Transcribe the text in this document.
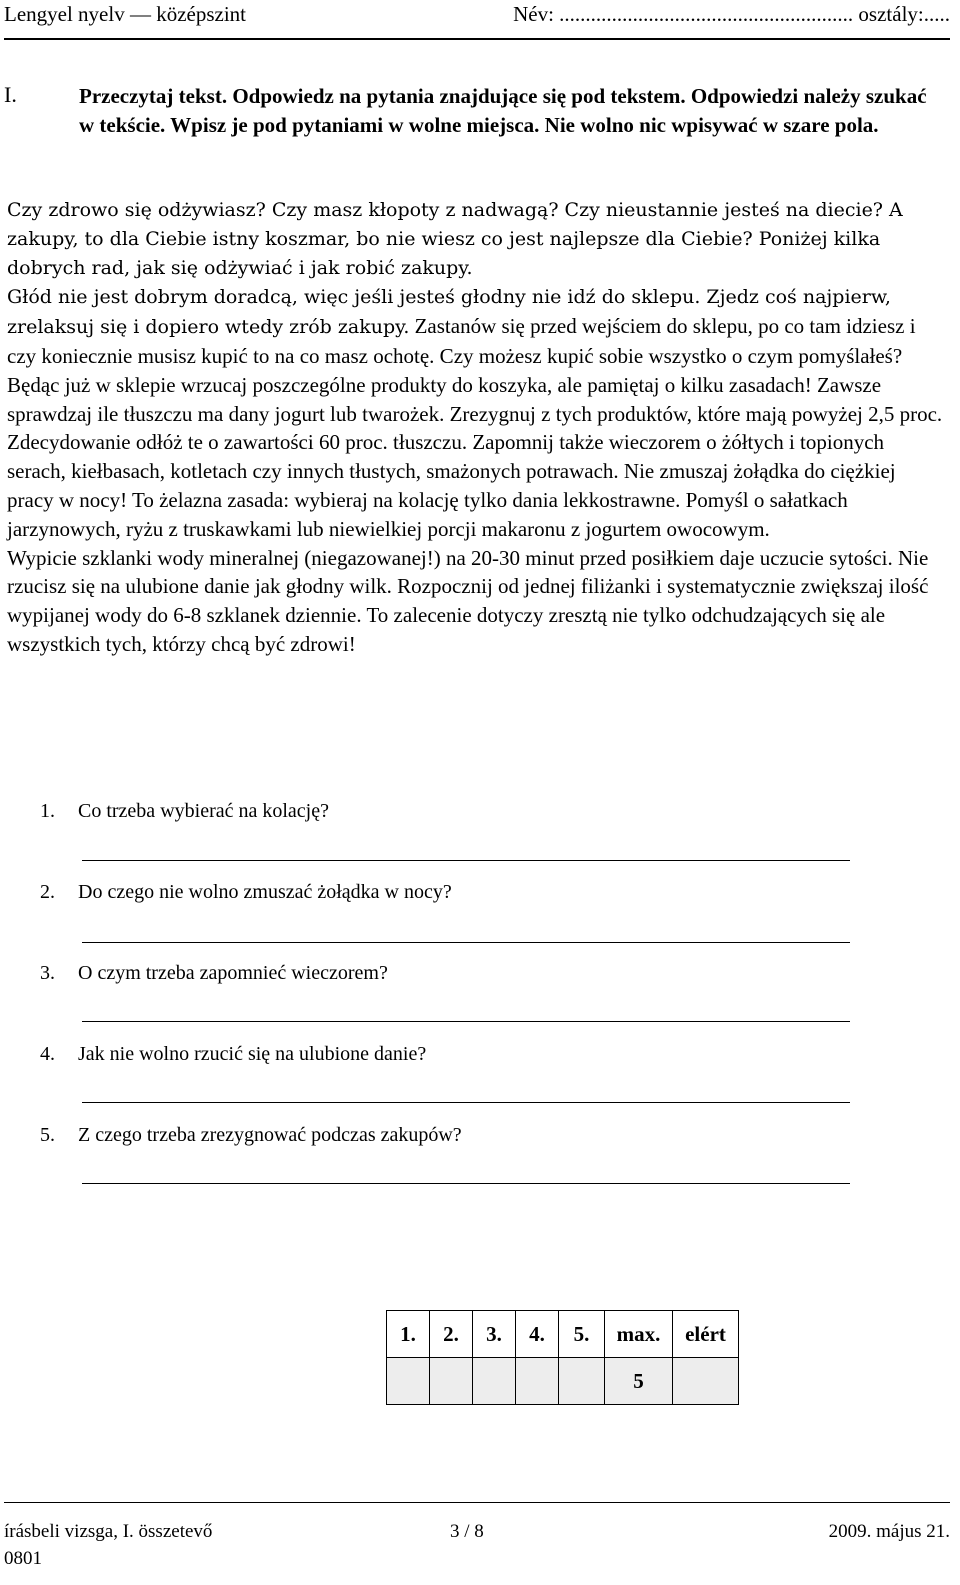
Lengyel nyelv — középszint	Név: ........................................................ osztály:.....
I.	Przeczytaj tekst. Odpowiedz na pytania znajdujące się pod tekstem. Odpowiedzi należy szukać w tekście. Wpisz je pod pytaniami w wolne miejsca. Nie wolno nic wpisywać w szare pola.

Czy zdrowo się odżywiasz? Czy masz kłopoty z nadwagą? Czy nieustannie jesteś na diecie? A zakupy, to dla Ciebie istny koszmar, bo nie wiesz co jest najlepsze dla Ciebie? Poniżej kilka dobrych rad, jak się odżywiać i jak robić zakupy.

Głód nie jest dobrym doradcą, więc jeśli jesteś głodny nie idź do sklepu. Zjedz coś najpierw, zrelaksuj się i dopiero wtedy zrób zakupy. Zastanów się przed wejściem do sklepu, po co tam idziesz i czy koniecznie musisz kupić to na co masz ochotę. Czy możesz kupić sobie wszystko o czym pomyślałeś? Będąc już w sklepie wrzucaj poszczególne produkty do koszyka, ale pamiętaj o kilku zasadach! Zawsze sprawdzaj ile tłuszczu ma dany jogurt lub twarożek. Zrezygnuj z tych produktów, które mają powyżej 2,5 proc. Zdecydowanie odłóż te o zawartości 60 proc. tłuszczu. Zapomnij także wieczorem o żółtych i topionych serach, kiełbasach, kotletach czy innych tłustych, smażonych potrawach. Nie zmuszaj żołądka do ciężkiej pracy w nocy! To żelazna zasada: wybieraj na kolację tylko dania lekkostrawne. Pomyśl o sałatkach jarzynowych, ryżu z truskawkami lub niewielkiej porcji makaronu z jogurtem owocowym.

Wypicie szklanki wody mineralnej (niegazowanej!) na 20-30 minut przed posiłkiem daje uczucie sytości. Nie rzucisz się na ulubione danie jak głodny wilk. Rozpocznij od jednej filiżanki i systematycznie zwiększaj ilość wypijanej wody do 6-8 szklanek dziennie. To zalecenie dotyczy zresztą nie tylko odchudzających się ale wszystkich tych, którzy chcą być zdrowi!

1. Co trzeba wybierać na kolację?
2. Do czego nie wolno zmuszać żołądka w nocy?
3. O czym trzeba zapomnieć wieczorem?
4. Jak nie wolno rzucić się na ulubione danie?
5. Z czego trzeba zrezygnować podczas zakupów?
1.	2.	3.	4.	5.	max.	elért
					5	
írásbeli vizsga, I. összetevő	3 / 8	2009. május 21.
0801
